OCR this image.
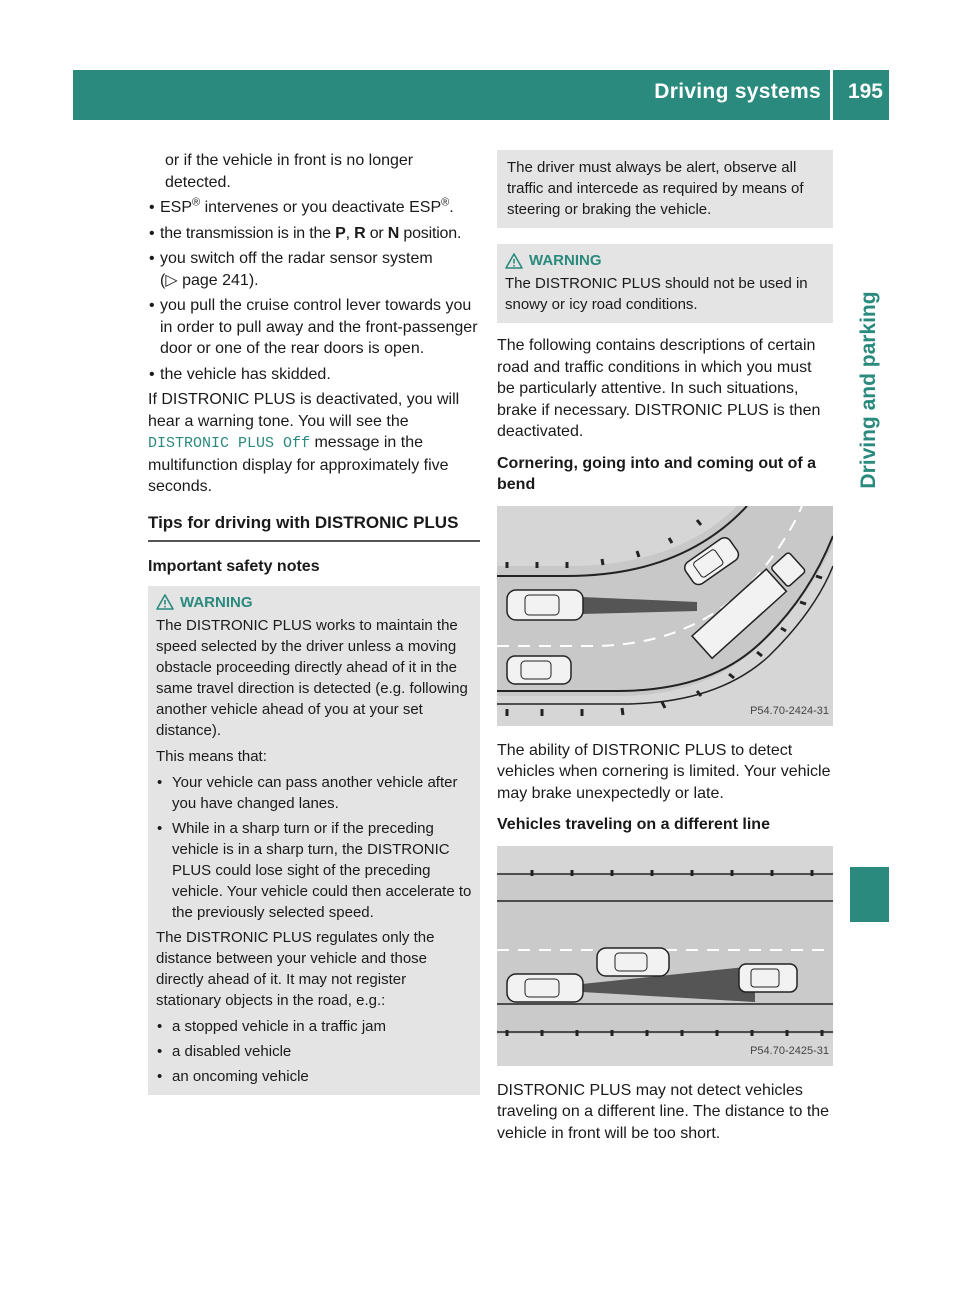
Driving systems 195
Driving and parking

or if the vehicle in front is no longer detected.

• ESP® intervenes or you deactivate ESP®.
• the transmission is in the P, R or N position.
• you switch off the radar sensor system
(▷ page 241).
• you pull the cruise control lever towards you in order to pull away and the front-passenger door or one of the rear doors is open.
• the vehicle has skidded.

If DISTRONIC PLUS is deactivated, you will hear a warning tone. You will see the DISTRONIC PLUS Off message in the multifunction display for approximately five seconds.

Tips for driving with DISTRONIC PLUS
Important safety notes
WARNING

The DISTRONIC PLUS works to maintain the speed selected by the driver unless a moving obstacle proceeding directly ahead of it in the same travel direction is detected (e.g. following another vehicle ahead of you at your set distance).

This means that:

• Your vehicle can pass another vehicle after you have changed lanes.
• While in a sharp turn or if the preceding vehicle is in a sharp turn, the DISTRONIC PLUS could lose sight of the preceding vehicle. Your vehicle could then accelerate to the previously selected speed.

The DISTRONIC PLUS regulates only the distance between your vehicle and those directly ahead of it. It may not register stationary objects in the road, e.g.:

• a stopped vehicle in a traffic jam
• a disabled vehicle
• an oncoming vehicle
The driver must always be alert, observe all traffic and intercede as required by means of steering or braking the vehicle.
WARNING

The DISTRONIC PLUS should not be used in snowy or icy road conditions.

The following contains descriptions of certain road and traffic conditions in which you must be particularly attentive. In such situations, brake if necessary. DISTRONIC PLUS is then deactivated.

Cornering, going into and coming out of a bend
P54.70-2424-31

The ability of DISTRONIC PLUS to detect vehicles when cornering is limited. Your vehicle may brake unexpectedly or late.

Vehicles traveling on a different line
P54.70-2425-31

DISTRONIC PLUS may not detect vehicles traveling on a different line. The distance to the vehicle in front will be too short.
